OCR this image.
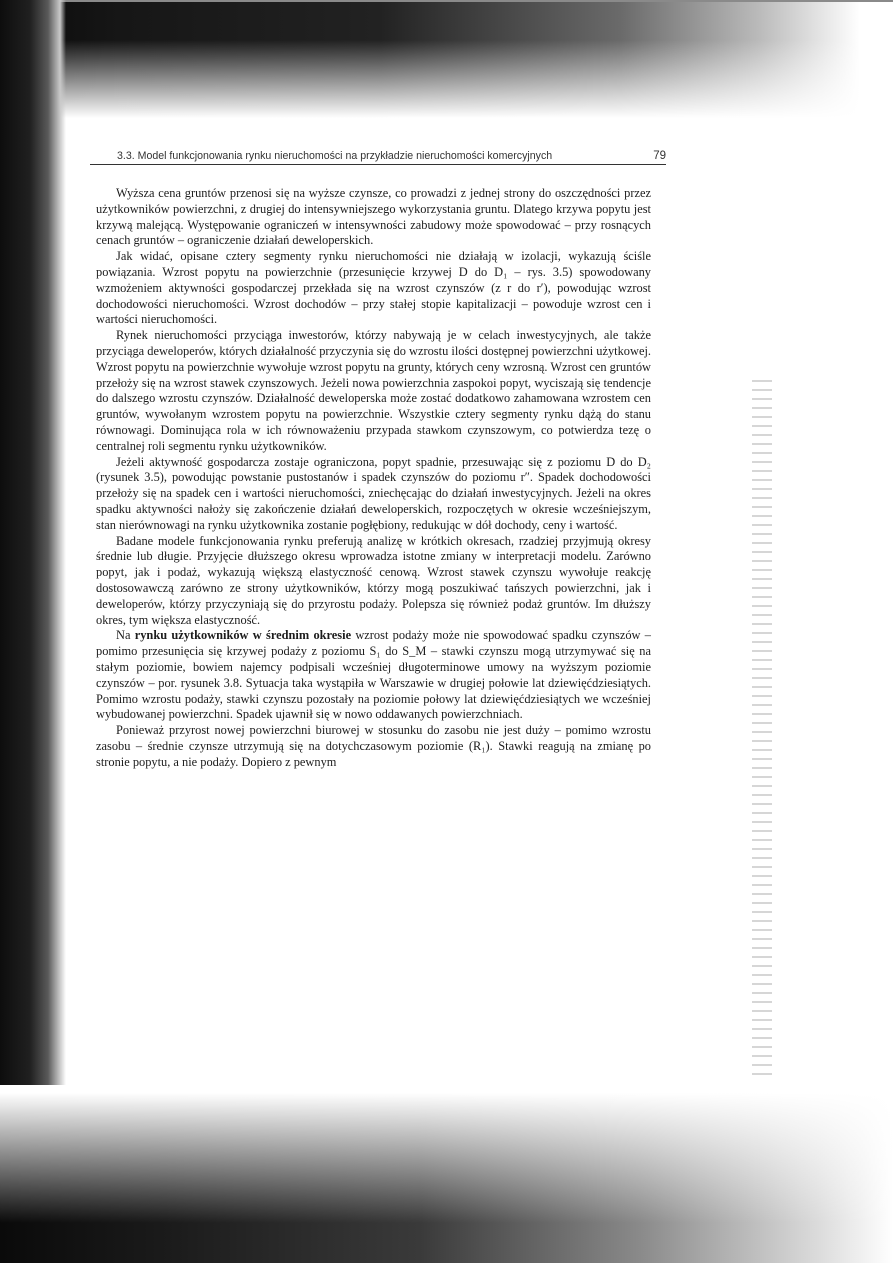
3.3. Model funkcjonowania rynku nieruchomości na przykładzie nieruchomości komercyjnych	79

Wyższa cena gruntów przenosi się na wyższe czynsze, co prowadzi z jednej strony do oszczędności przez użytkowników powierzchni, z drugiej do intensywniejszego wykorzystania gruntu. Dlatego krzywa popytu jest krzywą malejącą. Występowanie ograniczeń w intensywności zabudowy może spowodować – przy rosnących cenach gruntów – ograniczenie działań deweloperskich.

Jak widać, opisane cztery segmenty rynku nieruchomości nie działają w izolacji, wykazują ściśle powiązania. Wzrost popytu na powierzchnie (przesunięcie krzywej D do D₁ – rys. 3.5) spowodowany wzmożeniem aktywności gospodarczej przekłada się na wzrost czynszów (z r do r′), powodując wzrost dochodowości nieruchomości. Wzrost dochodów – przy stałej stopie kapitalizacji – powoduje wzrost cen i wartości nieruchomości.

Rynek nieruchomości przyciąga inwestorów, którzy nabywają je w celach inwestycyjnych, ale także przyciąga deweloperów, których działalność przyczynia się do wzrostu ilości dostępnej powierzchni użytkowej. Wzrost popytu na powierzchnie wywołuje wzrost popytu na grunty, których ceny wzrosną. Wzrost cen gruntów przełoży się na wzrost stawek czynszowych. Jeżeli nowa powierzchnia zaspokoi popyt, wyciszają się tendencje do dalszego wzrostu czynszów. Działalność deweloperska może zostać dodatkowo zahamowana wzrostem cen gruntów, wywołanym wzrostem popytu na powierzchnie. Wszystkie cztery segmenty rynku dążą do stanu równowagi. Dominująca rola w ich równoważeniu przypada stawkom czynszowym, co potwierdza tezę o centralnej roli segmentu rynku użytkowników.

Jeżeli aktywność gospodarcza zostaje ograniczona, popyt spadnie, przesuwając się z poziomu D do D₂ (rysunek 3.5), powodując powstanie pustostanów i spadek czynszów do poziomu r″. Spadek dochodowości przełoży się na spadek cen i wartości nieruchomości, zniechęcając do działań inwestycyjnych. Jeżeli na okres spadku aktywności nałoży się zakończenie działań deweloperskich, rozpoczętych w okresie wcześniejszym, stan nierównowagi na rynku użytkownika zostanie pogłębiony, redukując w dół dochody, ceny i wartość.

Badane modele funkcjonowania rynku preferują analizę w krótkich okresach, rzadziej przyjmują okresy średnie lub długie. Przyjęcie dłuższego okresu wprowadza istotne zmiany w interpretacji modelu. Zarówno popyt, jak i podaż, wykazują większą elastyczność cenową. Wzrost stawek czynszu wywołuje reakcję dostosowawczą zarówno ze strony użytkowników, którzy mogą poszukiwać tańszych powierzchni, jak i deweloperów, którzy przyczyniają się do przyrostu podaży. Polepsza się również podaż gruntów. Im dłuższy okres, tym większa elastyczność.

Na rynku użytkowników w średnim okresie wzrost podaży może nie spowodować spadku czynszów – pomimo przesunięcia się krzywej podaży z poziomu S₁ do S_M – stawki czynszu mogą utrzymywać się na stałym poziomie, bowiem najemcy podpisali wcześniej długoterminowe umowy na wyższym poziomie czynszów – por. rysunek 3.8. Sytuacja taka wystąpiła w Warszawie w drugiej połowie lat dziewięćdziesiątych. Pomimo wzrostu podaży, stawki czynszu pozostały na poziomie połowy lat dziewięćdziesiątych we wcześniej wybudowanej powierzchni. Spadek ujawnił się w nowo oddawanych powierzchniach.

Ponieważ przyrost nowej powierzchni biurowej w stosunku do zasobu nie jest duży – pomimo wzrostu zasobu – średnie czynsze utrzymują się na dotychczasowym poziomie (R₁). Stawki reagują na zmianę po stronie popytu, a nie podaży. Dopiero z pewnym
